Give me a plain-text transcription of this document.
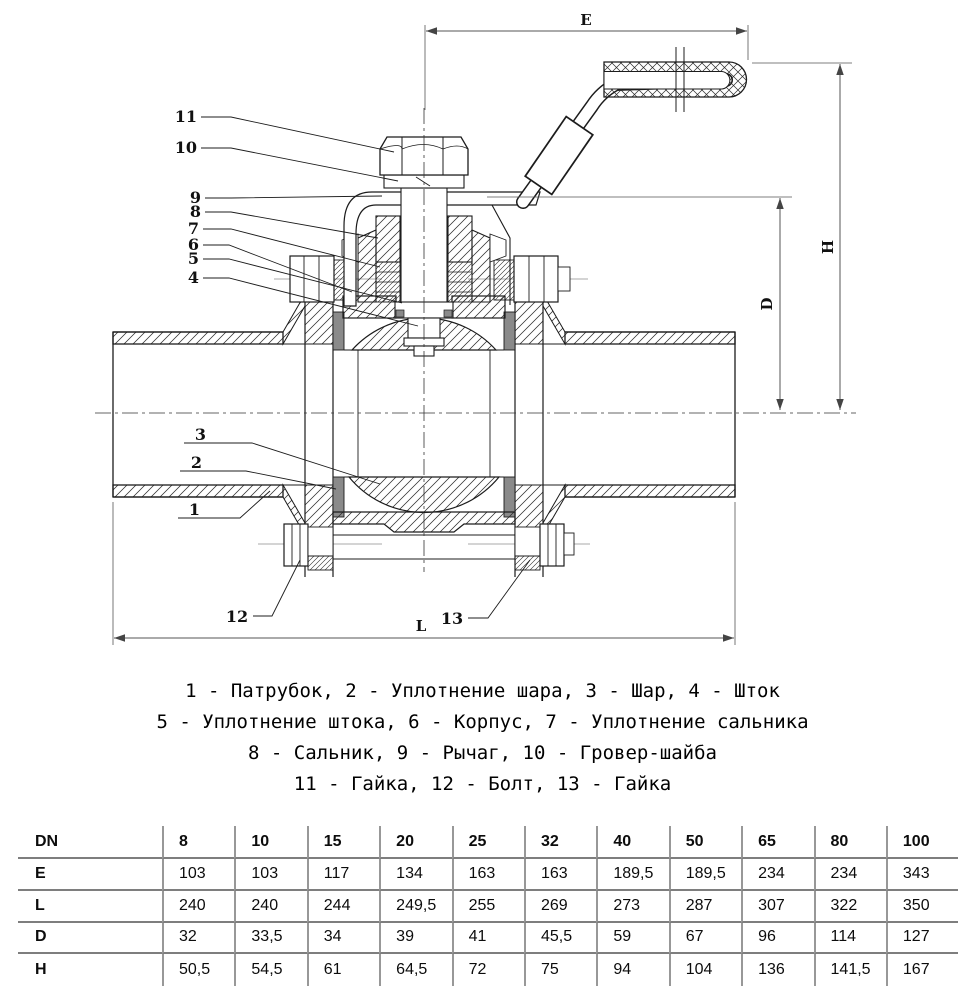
E
H
D
L
11
10
9
8
7
6
5
4
3
2
1
12	13
1 - Патрубок, 2 - Уплотнение шара, 3 - Шар, 4 - Шток
5 - Уплотнение штока, 6 - Корпус, 7 - Уплотнение сальника
8 - Сальник, 9 - Рычаг, 10 - Гровер-шайба
11 - Гайка, 12 - Болт, 13 - Гайка
DN	8	10	15	20	25	32	40	50	65	80	100
E	103	103	117	134	163	163	189,5	189,5	234	234	343
L	240	240	244	249,5	255	269	273	287	307	322	350
D	32	33,5	34	39	41	45,5	59	67	96	114	127
H	50,5	54,5	61	64,5	72	75	94	104	136	141,5	167
